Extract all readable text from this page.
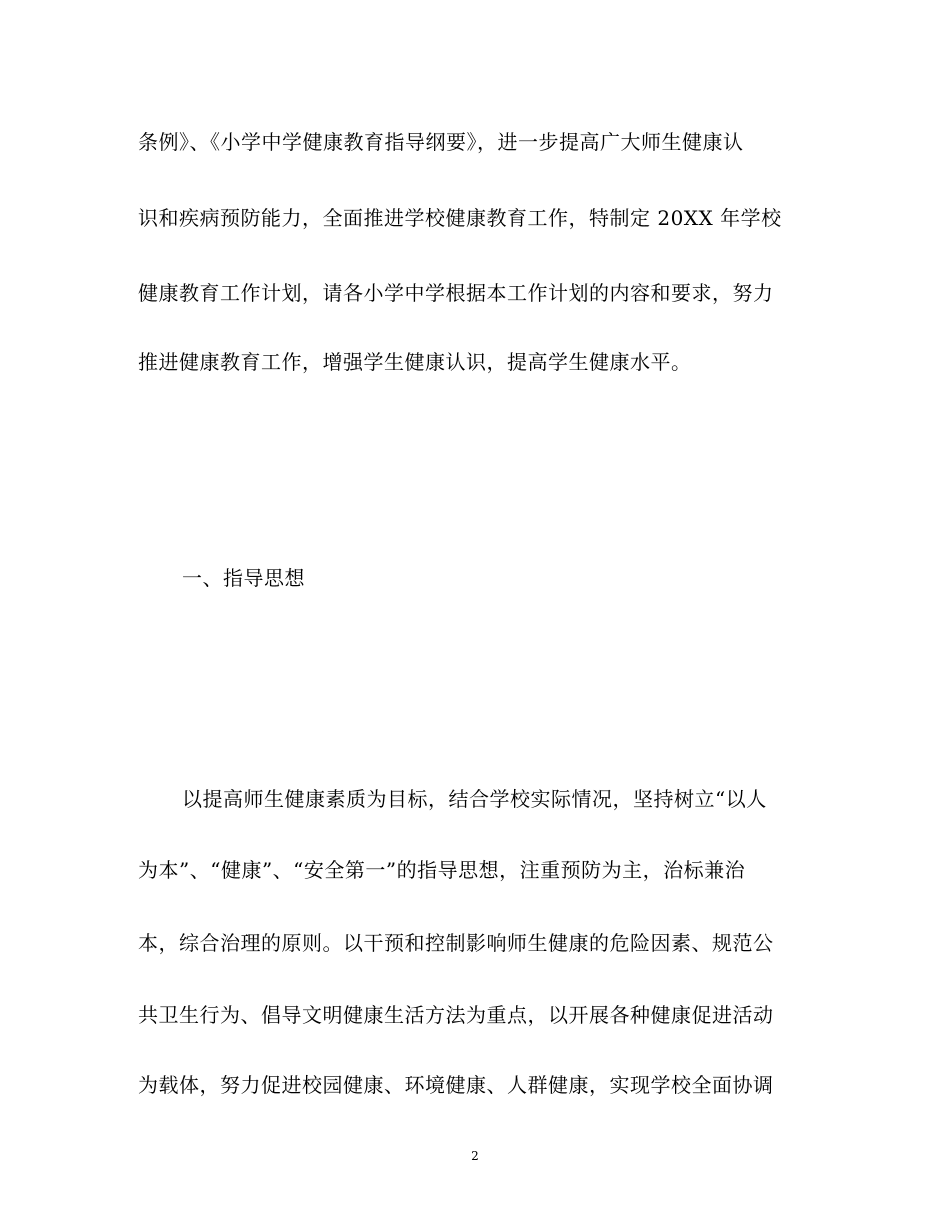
条例》、《小学中学健康教育指导纲要》，进一步提高广大师生健康认
识和疾病预防能力，全面推进学校健康教育工作，特制定 20XX 年学校
健康教育工作计划，请各小学中学根据本工作计划的内容和要求，努力
推进健康教育工作，增强学生健康认识，提高学生健康水平。
一、指导思想
以提高师生健康素质为目标，结合学校实际情况，坚持树立“以人
为本”、“健康”、“安全第一”的指导思想，注重预防为主，治标兼治
本，综合治理的原则。以干预和控制影响师生健康的危险因素、规范公
共卫生行为、倡导文明健康生活方法为重点，以开展各种健康促进活动
为载体，努力促进校园健康、环境健康、人群健康，实现学校全面协调
2
